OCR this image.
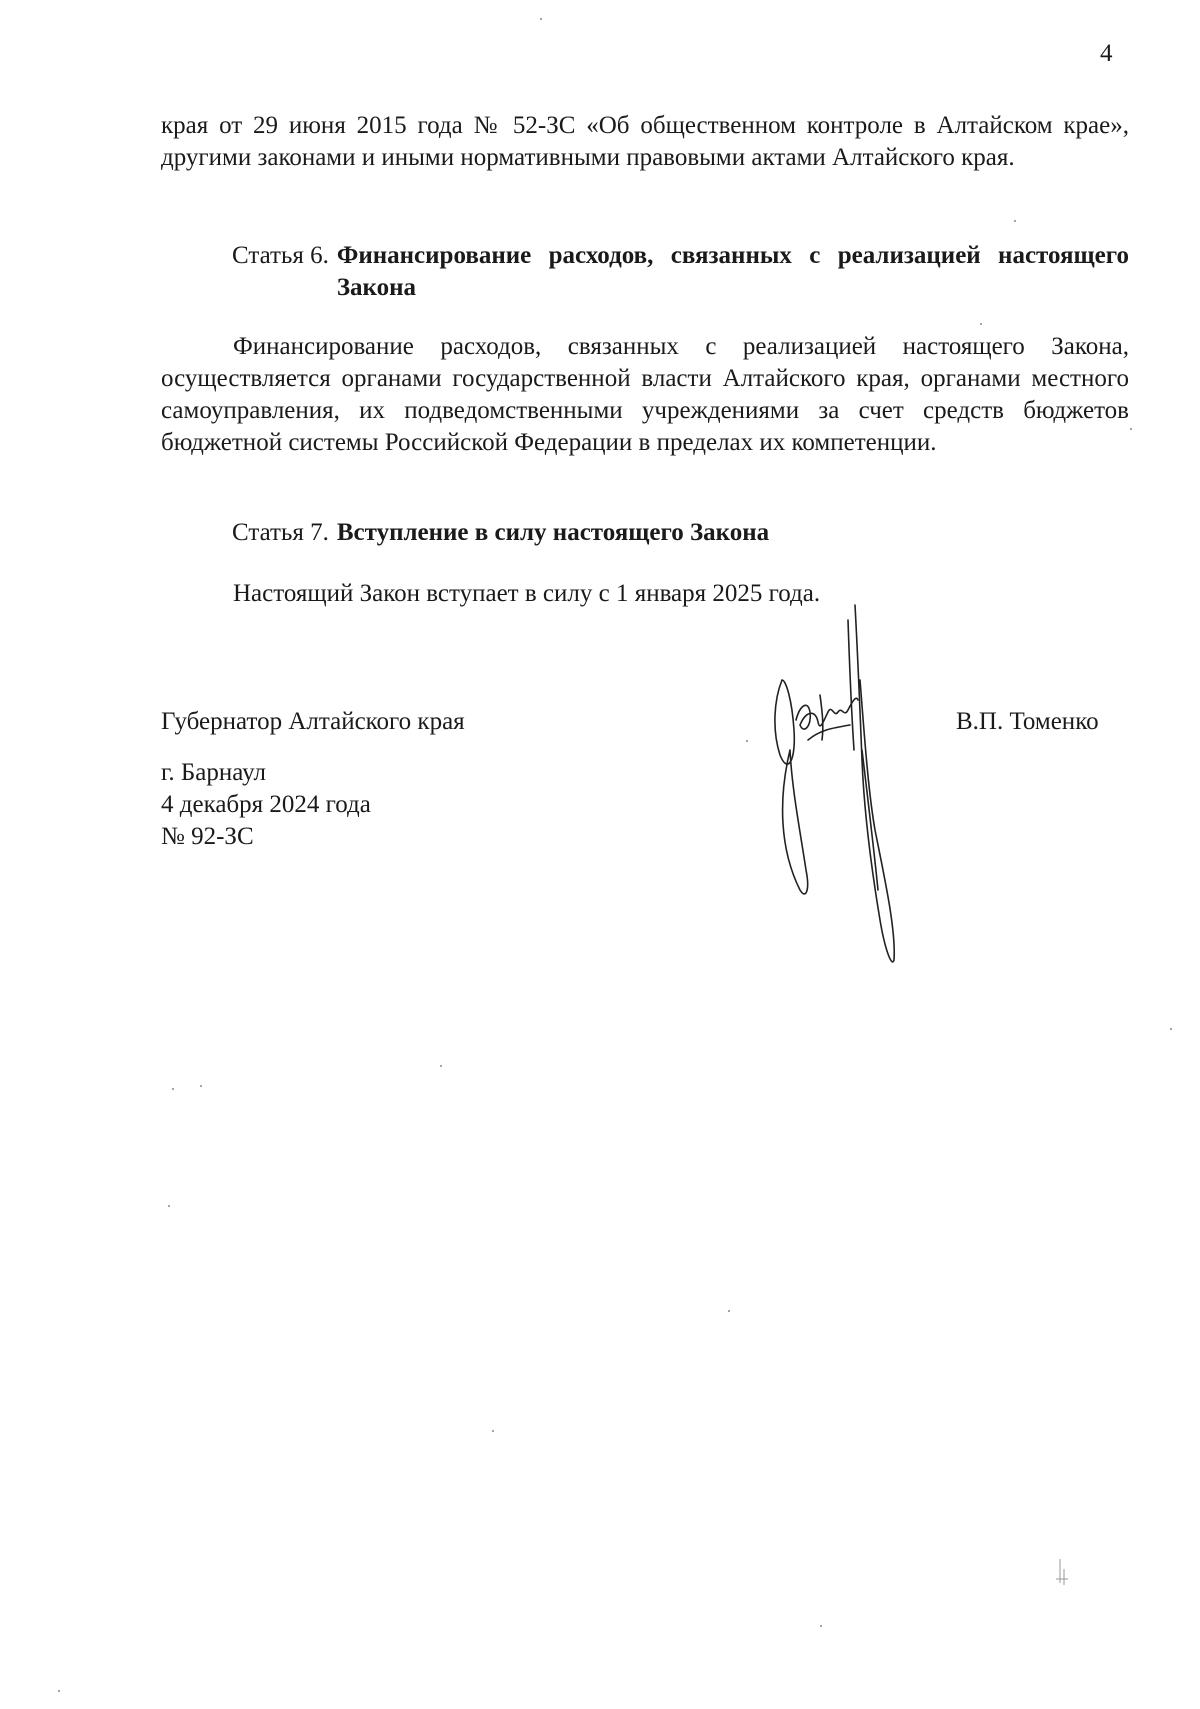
4
края от 29 июня 2015 года № 52-ЗС «Об общественном контроле в Алтайском крае», другими законами и иными нормативными правовыми актами Алтайского края.
Статья 6. Финансирование расходов, связанных с реализацией настоящего Закона
Финансирование расходов, связанных с реализацией настоящего Закона, осуществляется органами государственной власти Алтайского края, органами местного самоуправления, их подведомственными учреждениями за счет средств бюджетов бюджетной системы Российской Федерации в пределах их компетенции.
Статья 7. Вступление в силу настоящего Закона
Настоящий Закон вступает в силу с 1 января 2025 года.
Губернатор Алтайского края	В.П. Томенко
г. Барнаул
4 декабря 2024 года
№ 92-ЗС
